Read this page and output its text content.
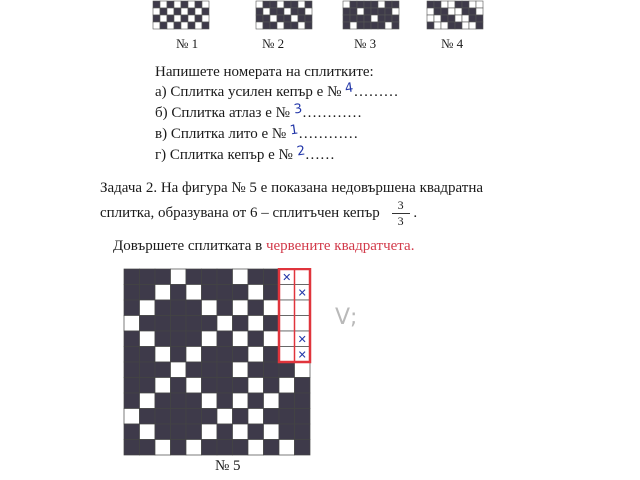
№ 1	№ 2	№ 3	№ 4
Напишете номерата на сплитките:
а) Сплитка усилен кепър е № 4………
б) Сплитка атлаз е № 3…………
в) Сплитка лито е № 1…………
г) Сплитка кепър е № 2……
Задача 2. На фигура № 5 е показана недовършена квадратна
сплитка, образувана от 6 – сплитъчен кепър $\frac{3}{3}$ .
Довършете сплитката в червените квадратчета.
✕
✕
✕
✕
№ 5
V;
